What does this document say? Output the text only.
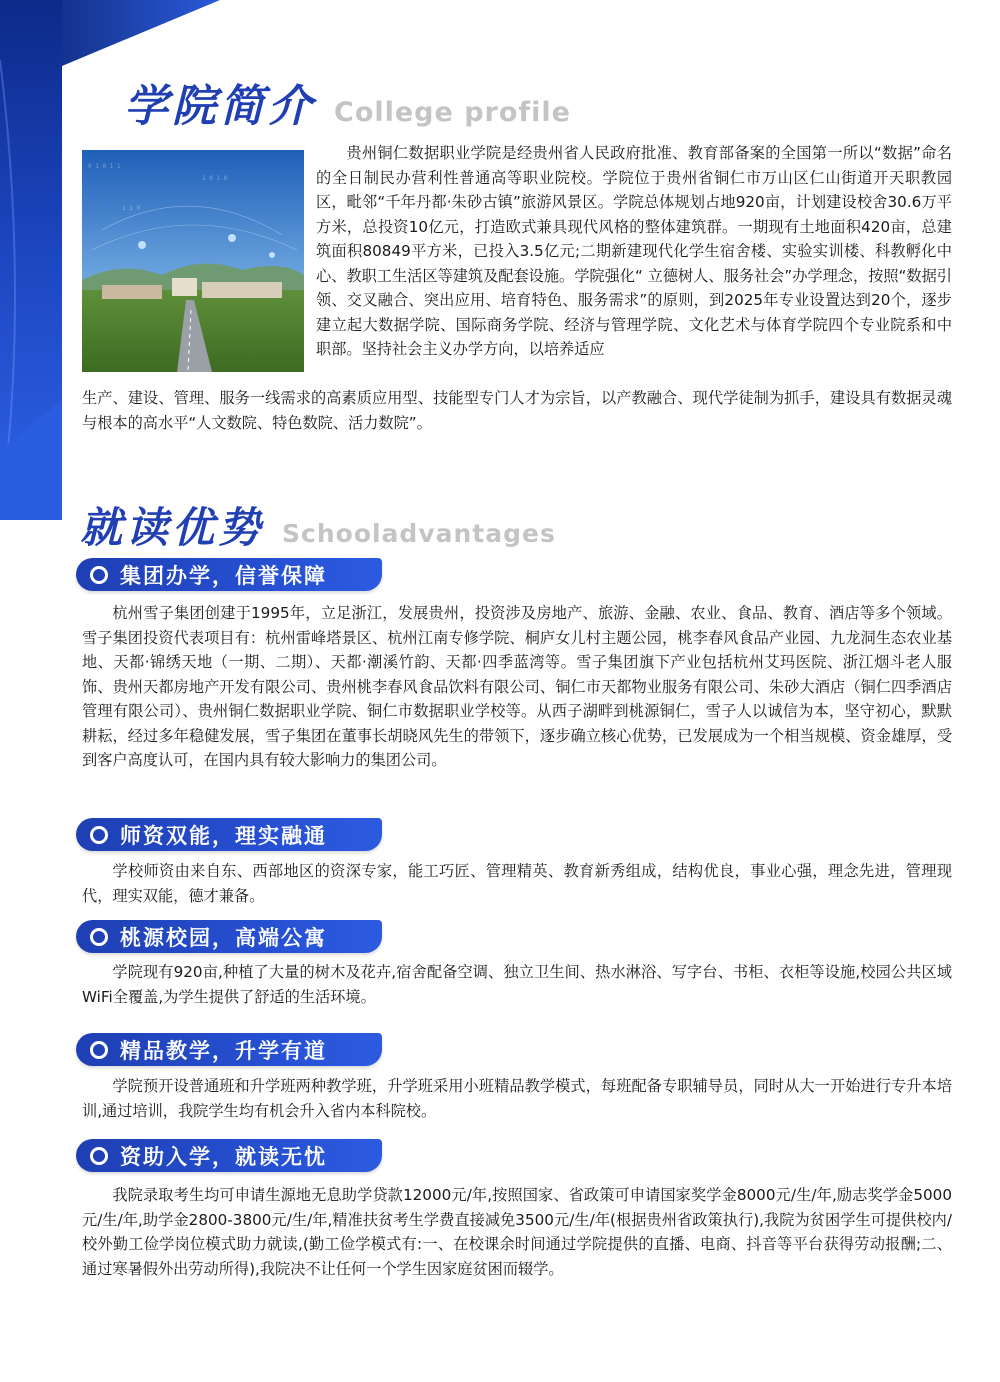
学院简介 College profile
0 1 0 1 1
1 0 1 0
1 1 0

贵州铜仁数据职业学院是经贵州省人民政府批准、教育部备案的全国第一所以“数据”命名的全日制民办营利性普通高等职业院校。学院位于贵州省铜仁市万山区仁山街道开天职教园区，毗邻“千年丹都·朱砂古镇”旅游风景区。学院总体规划占地920亩，计划建设校舍30.6万平方米，总投资10亿元，打造欧式兼具现代风格的整体建筑群。一期现有土地面积420亩，总建筑面积80849平方米，已投入3.5亿元;二期新建现代化学生宿舍楼、实验实训楼、科教孵化中心、教职工生活区等建筑及配套设施。学院强化“ 立德树人、服务社会”办学理念，按照“数据引领、交叉融合、突出应用、培育特色、服务需求”的原则，到2025年专业设置达到20个，逐步建立起大数据学院、国际商务学院、经济与管理学院、文化艺术与体育学院四个专业院系和中职部。坚持社会主义办学方向，以培养适应

生产、建设、管理、服务一线需求的高素质应用型、技能型专门人才为宗旨，以产教融合、现代学徒制为抓手，建设具有数据灵魂与根本的高水平“人文数院、特色数院、活力数院”。

就读优势 Schooladvantages
集团办学，信誉保障

杭州雪子集团创建于1995年，立足浙江，发展贵州，投资涉及房地产、旅游、金融、农业、食品、教育、酒店等多个领域。雪子集团投资代表项目有：杭州雷峰塔景区、杭州江南专修学院、桐庐女儿村主题公园，桃李春风食品产业园、九龙洞生态农业基地、天都·锦绣天地（一期、二期）、天都·潮溪竹韵、天都·四季蓝湾等。雪子集团旗下产业包括杭州艾玛医院、浙江烟斗老人服饰、贵州天都房地产开发有限公司、贵州桃李春风食品饮料有限公司、铜仁市天都物业服务有限公司、朱砂大酒店（铜仁四季酒店管理有限公司）、贵州铜仁数据职业学院、铜仁市数据职业学校等。从西子湖畔到桃源铜仁，雪子人以诚信为本，坚守初心，默默耕耘，经过多年稳健发展，雪子集团在董事长胡晓风先生的带领下，逐步确立核心优势，已发展成为一个相当规模、资金雄厚，受到客户高度认可，在国内具有较大影响力的集团公司。

师资双能，理实融通

学校师资由来自东、西部地区的资深专家，能工巧匠、管理精英、教育新秀组成，结构优良，事业心强，理念先进，管理现代，理实双能，德才兼备。

桃源校园，高端公寓

学院现有920亩,种植了大量的树木及花卉,宿舍配备空调、独立卫生间、热水淋浴、写字台、书柜、衣柜等设施,校园公共区域WiFi全覆盖,为学生提供了舒适的生活环境。

精品教学，升学有道

学院预开设普通班和升学班两种教学班，升学班采用小班精品教学模式，每班配备专职辅导员，同时从大一开始进行专升本培训,通过培训，我院学生均有机会升入省内本科院校。

资助入学，就读无忧

我院录取考生均可申请生源地无息助学贷款12000元/年,按照国家、省政策可申请国家奖学金8000元/生/年,励志奖学金5000元/生/年,助学金2800-3800元/生/年,精准扶贫考生学费直接减免3500元/生/年(根据贵州省政策执行),我院为贫困学生可提供校内/校外勤工俭学岗位模式助力就读,(勤工俭学模式有:一、在校课余时间通过学院提供的直播、电商、抖音等平台获得劳动报酬;二、通过寒暑假外出劳动所得),我院决不让任何一个学生因家庭贫困而辍学。
